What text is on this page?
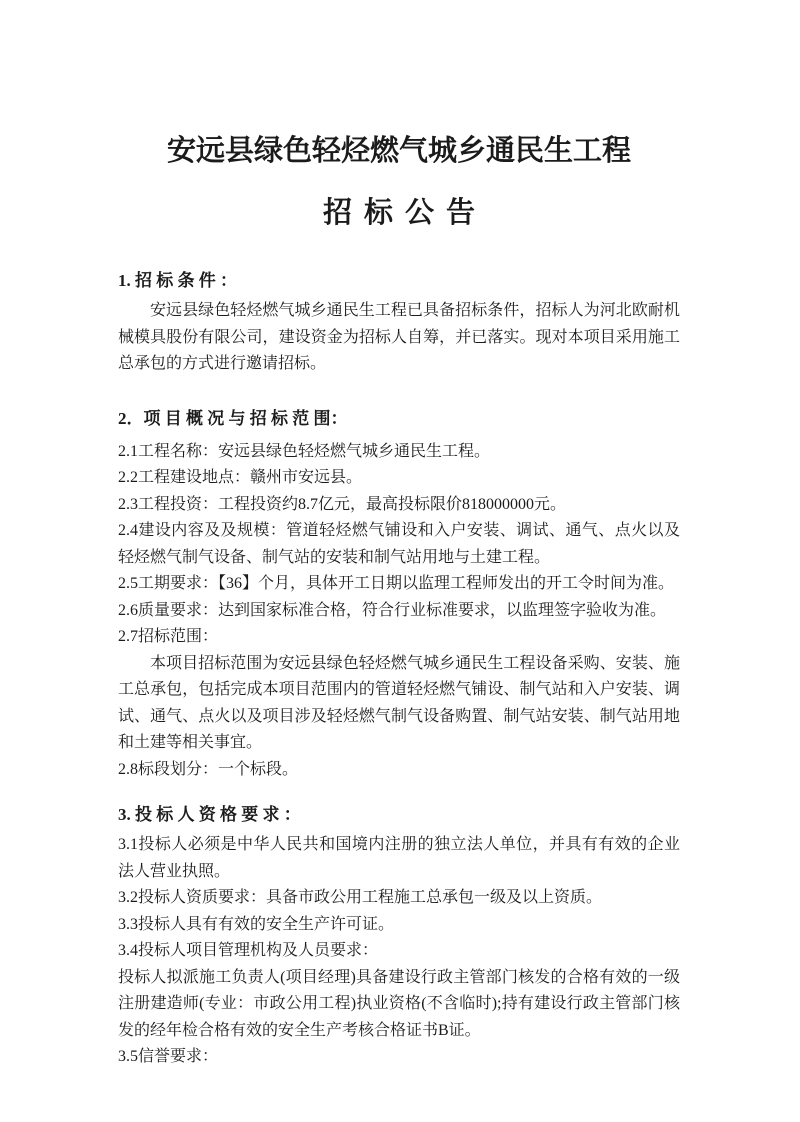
安远县绿色轻烃燃气城乡通民生工程
招标公告

1. 招 标 条 件 ：

安远县绿色轻烃燃气城乡通民生工程已具备招标条件，招标人为河北欧耐机械模具股份有限公司，建设资金为招标人自筹，并已落实。现对本项目采用施工总承包的方式进行邀请招标。

2．项 目 概 况 与 招 标 范 围：

2.1工程名称：安远县绿色轻烃燃气城乡通民生工程。

2.2工程建设地点：赣州市安远县。

2.3工程投资：工程投资约8.7亿元，最高投标限价818000000元。

2.4建设内容及及规模：管道轻烃燃气铺设和入户安装、调试、通气、点火以及轻烃燃气制气设备、制气站的安装和制气站用地与土建工程。

2.5工期要求：【36】个月，具体开工日期以监理工程师发出的开工令时间为准。

2.6质量要求：达到国家标准合格，符合行业标准要求，以监理签字验收为准。

2.7招标范围：

本项目招标范围为安远县绿色轻烃燃气城乡通民生工程设备采购、安装、施工总承包，包括完成本项目范围内的管道轻烃燃气铺设、制气站和入户安装、调试、通气、点火以及项目涉及轻烃燃气制气设备购置、制气站安装、制气站用地和土建等相关事宜。

2.8标段划分：一个标段。

3. 投 标 人 资 格 要 求 ：

3.1投标人必须是中华人民共和国境内注册的独立法人单位，并具有有效的企业法人营业执照。

3.2投标人资质要求：具备市政公用工程施工总承包一级及以上资质。

3.3投标人具有有效的安全生产许可证。

3.4投标人项目管理机构及人员要求：

投标人拟派施工负责人(项目经理)具备建设行政主管部门核发的合格有效的一级注册建造师(专业：市政公用工程)执业资格(不含临时);持有建设行政主管部门核发的经年检合格有效的安全生产考核合格证书B证。

3.5信誉要求：
